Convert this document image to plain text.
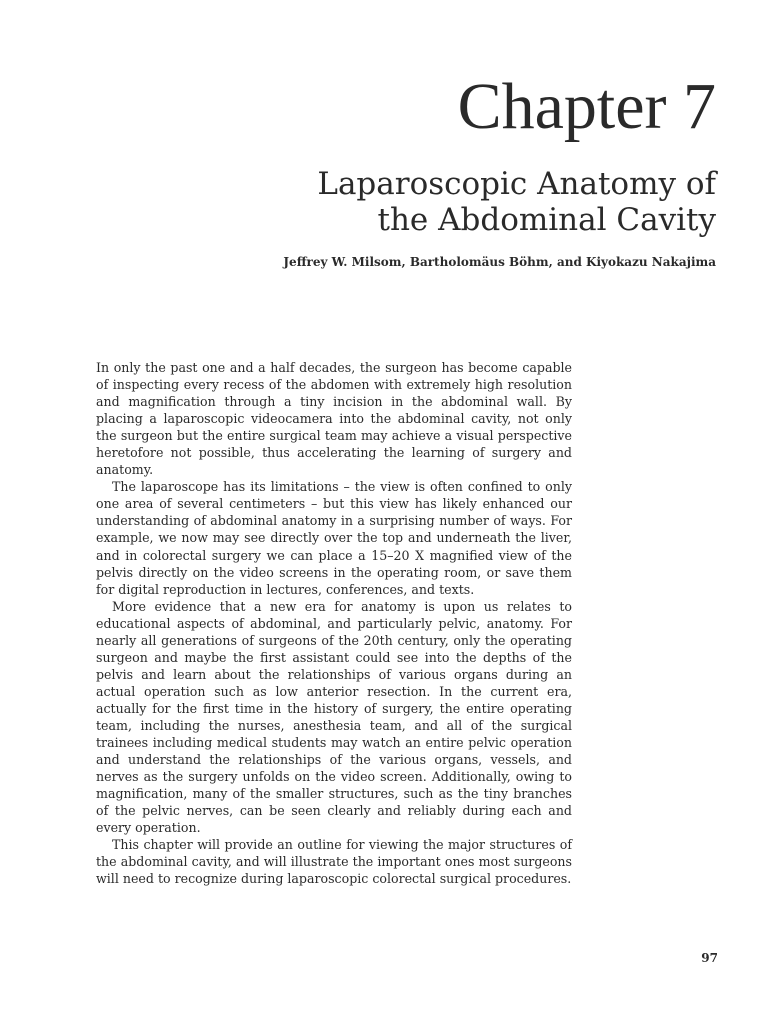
Chapter 7
Laparoscopic Anatomy of
the Abdominal Cavity
Jeffrey W. Milsom, Bartholomäus Böhm, and Kiyokazu Nakajima

In only the past one and a half decades, the surgeon has become capable of inspecting every recess of the abdomen with extremely high resolution and magnification through a tiny incision in the abdominal wall. By placing a laparoscopic videocamera into the abdominal cavity, not only the surgeon but the entire surgical team may achieve a visual perspective heretofore not possible, thus accelerating the learning of surgery and anatomy.

The laparoscope has its limitations – the view is often confined to only one area of several centimeters – but this view has likely enhanced our understanding of abdominal anatomy in a surprising number of ways. For example, we now may see directly over the top and underneath the liver, and in colorectal surgery we can place a 15–20 X magnified view of the pelvis directly on the video screens in the operating room, or save them for digital reproduction in lectures, conferences, and texts.

More evidence that a new era for anatomy is upon us relates to educational aspects of abdominal, and particularly pelvic, anatomy. For nearly all generations of surgeons of the 20th century, only the operating surgeon and maybe the first assistant could see into the depths of the pelvis and learn about the relationships of various organs during an actual operation such as low anterior resection. In the current era, actually for the first time in the history of surgery, the entire operating team, including the nurses, anesthesia team, and all of the surgical trainees including medical students may watch an entire pelvic operation and understand the relationships of the various organs, vessels, and nerves as the surgery unfolds on the video screen. Additionally, owing to magnification, many of the smaller structures, such as the tiny branches of the pelvic nerves, can be seen clearly and reliably during each and every operation.

This chapter will provide an outline for viewing the major structures of the abdominal cavity, and will illustrate the important ones most surgeons will need to recognize during laparoscopic colorectal surgical procedures.

97
